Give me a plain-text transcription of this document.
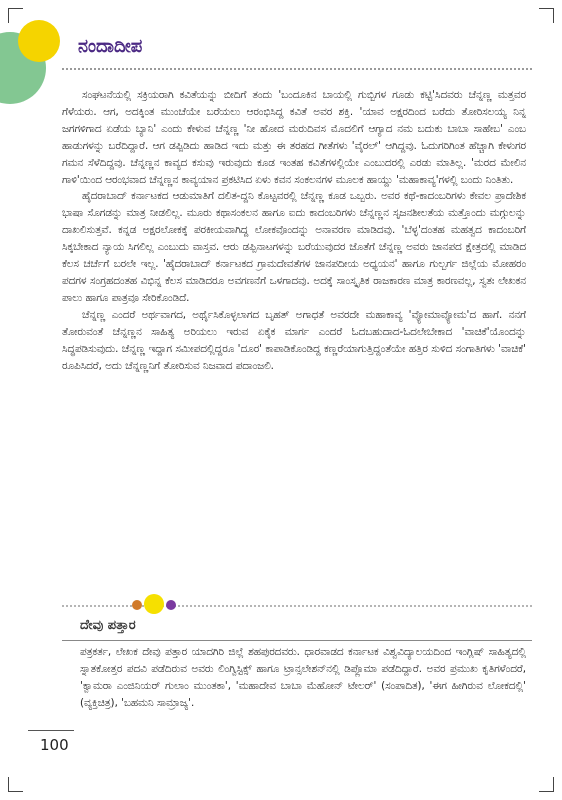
ನಂದಾದೀಪ

ಸಂಘಟನೆಯಲ್ಲಿ ಸಕ್ರಿಯರಾಗಿ ಕವಿತೆಯನ್ನು ಬೀದಿಗೆ ತಂದು 'ಬಂದೂಕಿನ ಬಾಯಲ್ಲಿ ಗುಬ್ಬಿಗಳ ಗೂಡು ಕಟ್ಟಿ'ಸಿದವರು ಚೆನ್ನಣ್ಣ ಮತ್ತವರ ಗೆಳೆಯರು. ಆಗ, ಅದಕ್ಕಿಂತ ಮುಂಚೆಯೇ ಬರೆಯಲು ಆರಂಭಿಸಿದ್ದ ಕವಿತೆ ಅವರ ಶಕ್ತಿ. 'ಯಾವ ಅಕ್ಷರದಿಂದ ಬರೆದು ತೋರಿಸಲಯ್ಯ ನಿನ್ನ ಜಗಗಳಿಗಾದ ಏಡೆಯ ಬ್ಯಾನಿ' ಎಂದು ಕೇಳುವ ಚೆನ್ನಣ್ಣ 'ನೀ ಹೋದ ಮರುದಿವಸ ಮೊದಲಿಗೆ ಆಗ್ಯಾದ ನಮ ಬದುಕು ಬಾಬಾ ಸಾಹೇಬ' ಎಂಬ ಹಾಡುಗಳನ್ನು ಬರೆದಿದ್ದಾರೆ. ಆಗ ಡಪ್ಪಿಡಿದು ಹಾಡಿದ ಇದು ಮತ್ತು ಈ ತರಹದ ಗೀತೆಗಳು 'ವೈರಲ್' ಆಗಿದ್ದವು. ಓದುಗರಿಗಿಂತ ಹೆಚ್ಚಾಗಿ ಕೇಳುಗರ ಗಮನ ಸೆಳೆದಿದ್ದವು. ಚೆನ್ನಣ್ಣನ ಕಾವ್ಯದ ಕಸುವು ಇರುವುದು ಕೂಡ ಇಂತಹ ಕವಿತೆಗಳಲ್ಲಿಯೇ ಎಂಬುದರಲ್ಲಿ ಎರಡು ಮಾತಿಲ್ಲ. 'ಮರದ ಮೇಲಿನ ಗಾಳಿ'ಯಿಂದ ಆರಂಭವಾದ ಚೆನ್ನಣ್ಣನ ಕಾವ್ಯಯಾನ ಪ್ರಕಟಿಸಿದ ಏಳು ಕವನ ಸಂಕಲನಗಳ ಮೂಲಕ ಹಾಯ್ದು 'ಮಹಾಕಾವ್ಯ'ಗಳಲ್ಲಿ ಬಂದು ನಿಂತಿತು.

ಹೈದರಾಬಾದ್ ಕರ್ನಾಟಕದ ಆಡುಮಾತಿಗೆ ದಲಿತ-ದ್ದನಿ ಕೊಟ್ಟವರಲ್ಲಿ ಚೆನ್ನಣ್ಣ ಕೂಡ ಒಬ್ಬರು. ಅವರ ಕಥೆ-ಕಾದಂಬರಿಗಳು ಕೇವಲ ಪ್ರಾದೇಶಿಕ ಭಾಷಾ ಸೊಗಡನ್ನು ಮಾತ್ರ ನೀಡಲಿಲ್ಲ. ಮೂರು ಕಥಾಸಂಕಲನ ಹಾಗೂ ಐದು ಕಾದಂಬರಿಗಳು ಚೆನ್ನಣ್ಣನ ಸೃಜನಶೀಲತೆಯ ಮತ್ತೊಂದು ಮಗ್ಗುಲನ್ನು ದಾಖಲಿಸುತ್ತವೆ. ಕನ್ನಡ ಅಕ್ಷರಲೋಕಕ್ಕೆ ಪರಕೀಯವಾಗಿದ್ದ ಲೋಕವೊಂದನ್ನು ಅನಾವರಣ ಮಾಡಿದವು. 'ಬೆಳ್ಳ'ದಂತಹ ಮಹತ್ವದ ಕಾದಂಬರಿಗೆ ಸಿಕ್ಕಬೇಕಾದ ನ್ಯಾಯ ಸಿಗಲಿಲ್ಲ ಎಂಬುದು ವಾಸ್ತವ. ಆರು ಡಪ್ಪಿನಾಟಗಳನ್ನು ಬರೆಯುವುದರ ಜೊತೆಗೆ ಚೆನ್ನಣ್ಣ ಅವರು ಜಾನಪದ ಕ್ಷೇತ್ರದಲ್ಲಿ ಮಾಡಿದ ಕೆಲಸ ಚರ್ಚೆಗೆ ಬರಲೇ ಇಲ್ಲ. 'ಹೈದರಾಬಾದ್ ಕರ್ನಾಟಕದ ಗ್ರಾಮದೇವತೆಗಳ ಜಾನಪದೀಯ ಅಧ್ಯಯನ' ಹಾಗೂ ಗುಲ್ಬರ್ಗ ಜಿಲ್ಲೆಯ ಮೋಹರಂ ಪದಗಳ ಸಂಗ್ರಹದಂತಹ ವಿಭಿನ್ನ ಕೆಲಸ ಮಾಡಿದರೂ ಅವಗಣನೆಗೆ ಒಳಗಾದವು. ಅದಕ್ಕೆ ಸಾಂಸ್ಕೃತಿಕ ರಾಜಕಾರಣ ಮಾತ್ರ ಕಾರಣವಲ್ಲ, ಸ್ವತಃ ಲೇಖಕನ ಪಾಲು ಹಾಗೂ ಪಾತ್ರವೂ ಸೇರಿಕೊಂಡಿದೆ.

ಚೆನ್ನಣ್ಣ ಎಂದರೆ ಅರ್ಥವಾಗದ, ಅರ್ಥೈಸಿಕೊಳ್ಳಲಾಗದ ಬೃಹತ್ ಅಗಾಧತೆ ಅವರದೇ ಮಹಾಕಾವ್ಯ 'ವ್ಯೋಮಾವ್ಯೋಮ'ದ ಹಾಗೆ. ನನಗೆ ತೋರುವಂತೆ ಚೆನ್ನಣ್ಣನ ಸಾಹಿತ್ಯ ಅರಿಯಲು ಇರುವ ಏಕೈಕ ಮಾರ್ಗ ಎಂದರೆ ಓದಬಹುದಾದ-ಓದಲೇಬೇಕಾದ 'ವಾಚಿಕೆ'ಯೊಂದನ್ನು ಸಿದ್ಧಪಡಿಸುವುದು. ಚೆನ್ನಣ್ಣ ಇದ್ದಾಗ ಸಮೀಪದಲ್ಲಿದ್ದರೂ 'ದೂರ' ಕಾಪಾಡಿಕೊಂಡಿದ್ದ ಕಣ್ಣರೆಯಾಗುತ್ತಿದ್ದಂತೆಯೇ ಹತ್ತಿರ ಸುಳಿದ ಸಂಗಾತಿಗಳು 'ವಾಚಿಕೆ' ರೂಪಿಸಿದರೆ, ಅದು ಚೆನ್ನಣ್ಣನಿಗೆ ತೋರಿಸುವ ನಿಜವಾದ ಪದಾಂಜಲಿ.

ದೇವು ಪತ್ತಾರ
ಪತ್ರಕರ್ತ, ಲೇಖಕ ದೇವು ಪತ್ತಾರ ಯಾದಗಿರಿ ಜಿಲ್ಲೆ ಶಹಪುರದವರು. ಧಾರವಾಡದ ಕರ್ನಾಟಕ ವಿಶ್ವವಿದ್ಯಾಲಯದಿಂದ ಇಂಗ್ಲಿಷ್ ಸಾಹಿತ್ಯದಲ್ಲಿ ಸ್ನಾತಕೋತ್ತರ ಪದವಿ ಪಡೆದಿರುವ ಅವರು ಲಿಂಗ್ವಿಸ್ಟಿಕ್ಸ್ ಹಾಗೂ ಟ್ರಾನ್ಸಲೇಶನ್‌ನಲ್ಲಿ ಡಿಪ್ಲೊಮಾ ಪಡೆದಿದ್ದಾರೆ. ಅವರ ಪ್ರಮುಖ ಕೃತಿಗಳೆಂದರೆ, 'ಕ್ವಾಮರಾ ಎಂಜಿನಿಯರ್ ಗುಲಾಂ ಮುಂತಕಾ', 'ಮಹಾದೇವ ಬಾಬಾ ಮೆಹೋನ್ ಟೇಲರ್' (ಸಂಪಾದಿತ), 'ಈಗ ಹೀಗಿರುವ ಲೋಕದಲ್ಲಿ' (ವ್ಯಕ್ತಿಚಿತ್ರ), 'ಬಹಮನಿ ಸಾಮ್ರಾಜ್ಯ'.
100
